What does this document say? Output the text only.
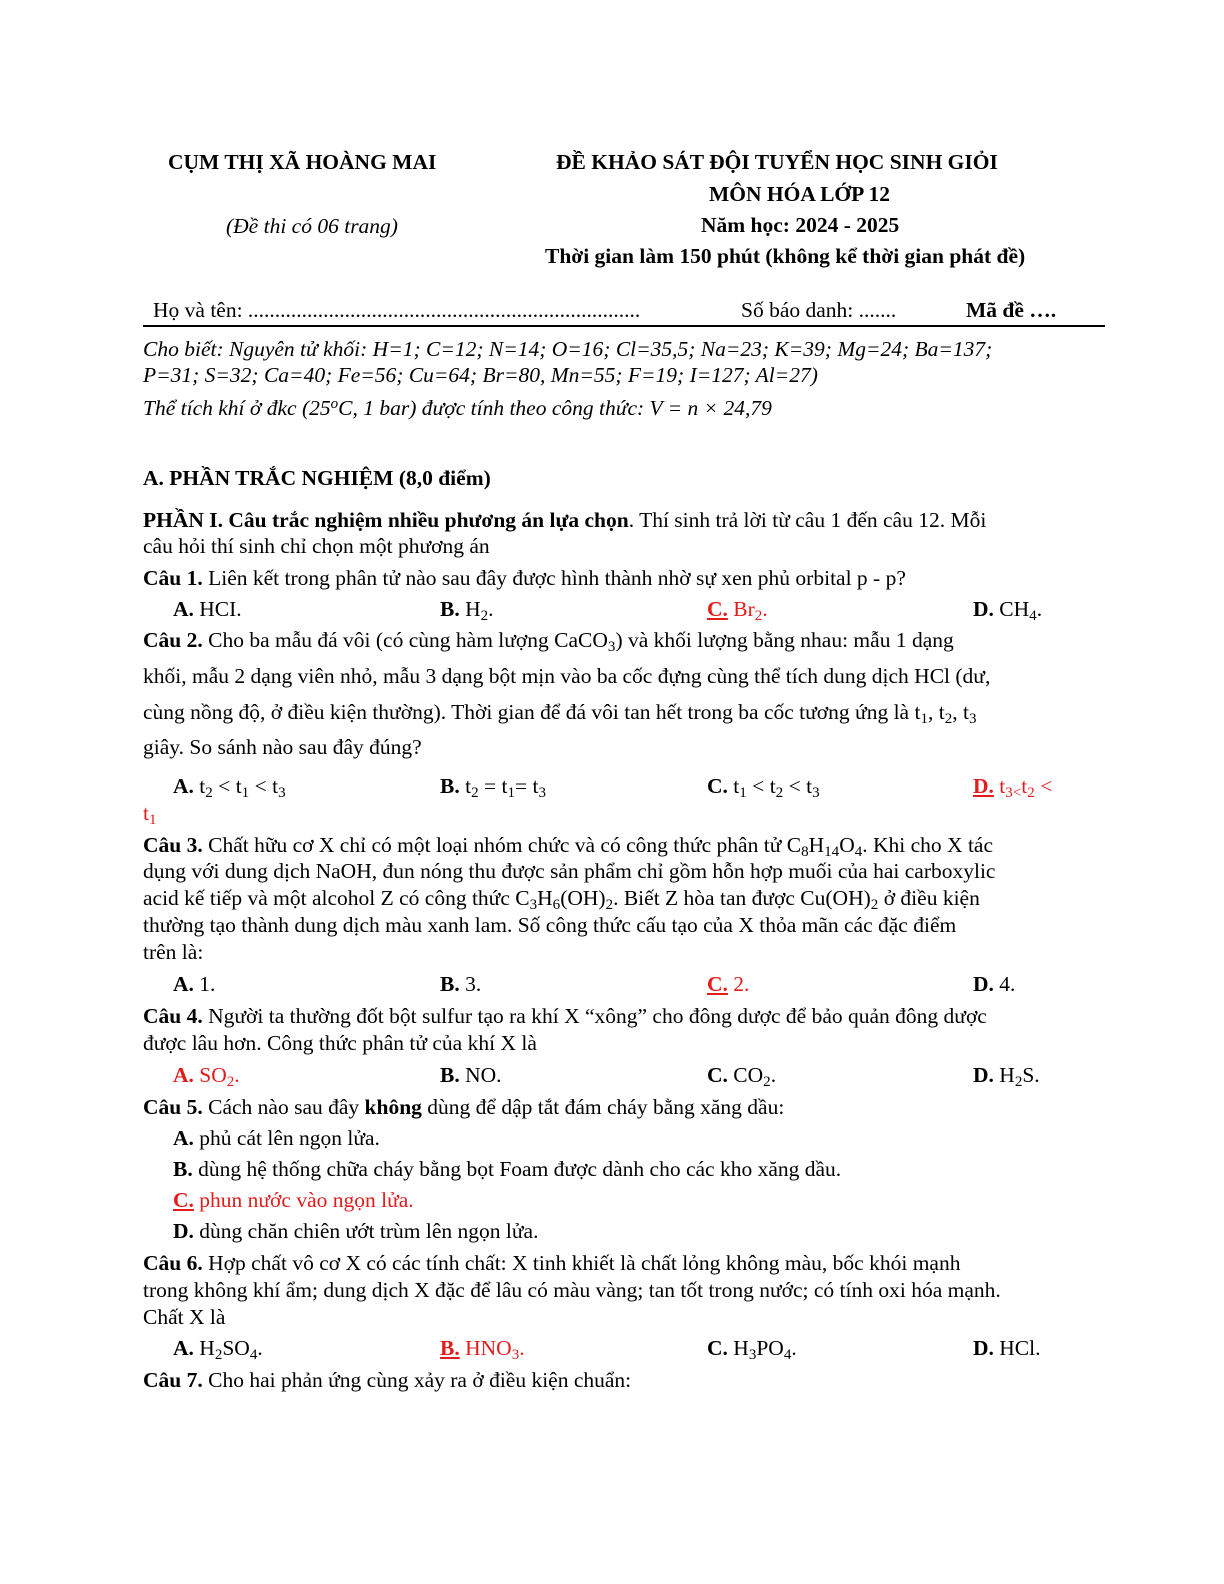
CỤM THỊ XÃ HOÀNG MAI
(Đề thi có 06 trang)
ĐỀ KHẢO SÁT ĐỘI TUYỂN HỌC SINH GIỎI
MÔN HÓA LỚP 12
Năm học: 2024 - 2025
Thời gian làm 150 phút (không kể thời gian phát đề)
Họ và tên: .........................................................................	Số báo danh: .......	Mã đề ….
Cho biết: Nguyên tử khối: H=1; C=12; N=14; O=16; Cl=35,5; Na=23; K=39; Mg=24; Ba=137;
P=31; S=32; Ca=40; Fe=56; Cu=64; Br=80, Mn=55; F=19; I=127; Al=27)
Thể tích khí ở đkc (25$^o$C, 1 bar) được tính theo công thức: V = n × 24,79
A. PHẦN TRẮC NGHIỆM (8,0 điểm)
PHẦN I. Câu trắc nghiệm nhiều phương án lựa chọn. Thí sinh trả lời từ câu 1 đến câu 12. Mỗi
câu hỏi thí sinh chỉ chọn một phương án
Câu 1. Liên kết trong phân tử nào sau đây được hình thành nhờ sự xen phủ orbital p - p?
A. HCI.	B. $H_2$.	C. $Br_2$.	D. $CH_4$.
Câu 2. Cho ba mẫu đá vôi (có cùng hàm lượng CaCO$_3$) và khối lượng bằng nhau: mẫu 1 dạng
khối, mẫu 2 dạng viên nhỏ, mẫu 3 dạng bột mịn vào ba cốc đựng cùng thể tích dung dịch HCl (dư,
cùng nồng độ, ở điều kiện thường). Thời gian để đá vôi tan hết trong ba cốc tương ứng là $t_1$, $t_2$, $t_3$
giây. So sánh nào sau đây đúng?
A. $t_2 < t_1 < t_3$	B. $t_2 = t_1= t_3$	C. $t_1 < t_2 < t_3$	D. $t_{3<}t_2$ <
$t_1$
Câu 3. Chất hữu cơ X chỉ có một loại nhóm chức và có công thức phân tử $C_8H_{14}O_4$. Khi cho X tác
dụng với dung dịch NaOH, đun nóng thu được sản phẩm chỉ gồm hỗn hợp muối của hai carboxylic
acid kế tiếp và một alcohol Z có công thức $C_3H_6(OH)_2$. Biết Z hòa tan được $Cu(OH)_2$ ở điều kiện
thường tạo thành dung dịch màu xanh lam. Số công thức cấu tạo của X thỏa mãn các đặc điểm
trên là:
A. 1.	B. 3.	C. 2.	D. 4.
Câu 4. Người ta thường đốt bột sulfur tạo ra khí X “xông” cho đông dược để bảo quản đông dược
được lâu hơn. Công thức phân tử của khí X là
A. $SO_2$.	B. NO.	C. $CO_2$.	D. $H_2S$.
Câu 5. Cách nào sau đây không dùng để dập tắt đám cháy bằng xăng dầu:
A. phủ cát lên ngọn lửa.
B. dùng hệ thống chữa cháy bằng bọt Foam được dành cho các kho xăng dầu.
C. phun nước vào ngọn lửa.
D. dùng chăn chiên ướt trùm lên ngọn lửa.
Câu 6. Hợp chất vô cơ X có các tính chất: X tinh khiết là chất lỏng không màu, bốc khói mạnh
trong không khí ẩm; dung dịch X đặc để lâu có màu vàng; tan tốt trong nước; có tính oxi hóa mạnh.
Chất X là
A. $H_2SO_4$.	B. $HNO_3$.	C. $H_3PO_4$.	D. HCl.
Câu 7. Cho hai phản ứng cùng xảy ra ở điều kiện chuẩn:
